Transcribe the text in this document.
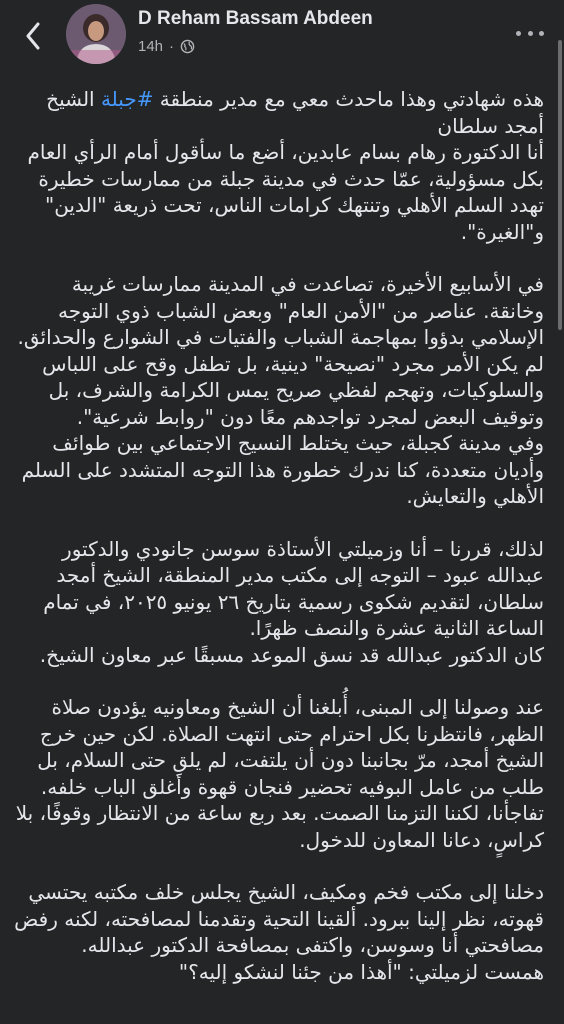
D Reham Bassam Abdeen
14h ·

هذه شهادتي وهذا ماحدث معي مع مدير منطقة #جبلة الشيخ أمجد سلطان

أنا الدكتورة رهام بسام عابدين، أضع ما سأقول أمام الرأي العام بكل مسؤولية، عمّا حدث في مدينة جبلة من ممارسات خطيرة تهدد السلم الأهلي وتنتهك كرامات الناس، تحت ذريعة "الدين" و"الغيرة".

في الأسابيع الأخيرة، تصاعدت في المدينة ممارسات غريبة وخانقة. عناصر من "الأمن العام" وبعض الشباب ذوي التوجه الإسلامي بدؤوا بمهاجمة الشباب والفتيات في الشوارع والحدائق.

لم يكن الأمر مجرد "نصيحة" دينية، بل تطفل وقح على اللباس والسلوكيات، وتهجم لفظي صريح يمس الكرامة والشرف، بل وتوقيف البعض لمجرد تواجدهم معًا دون "روابط شرعية".

وفي مدينة كجبلة، حيث يختلط النسيج الاجتماعي بين طوائف وأديان متعددة، كنا ندرك خطورة هذا التوجه المتشدد على السلم الأهلي والتعايش.

لذلك، قررنا – أنا وزميلتي الأستاذة سوسن جانودي والدكتور عبدالله عبود – التوجه إلى مكتب مدير المنطقة، الشيخ أمجد سلطان، لتقديم شكوى رسمية بتاريخ ٢٦ يونيو ٢٠٢٥، في تمام الساعة الثانية عشرة والنصف ظهرًا.

كان الدكتور عبدالله قد نسق الموعد مسبقًا عبر معاون الشيخ.

عند وصولنا إلى المبنى، أُبلغنا أن الشيخ ومعاونيه يؤدون صلاة الظهر، فانتظرنا بكل احترام حتى انتهت الصلاة. لكن حين خرج الشيخ أمجد، مرّ بجانبنا دون أن يلتفت، لم يلقِ حتى السلام، بل طلب من عامل البوفيه تحضير فنجان قهوة وأغلق الباب خلفه.

تفاجأنا، لكننا التزمنا الصمت. بعد ربع ساعة من الانتظار وقوفًا، بلا كراسٍ، دعانا المعاون للدخول.

دخلنا إلى مكتب فخم ومكيف، الشيخ يجلس خلف مكتبه يحتسي قهوته، نظر إلينا ببرود. ألقينا التحية وتقدمنا لمصافحته، لكنه رفض مصافحتي أنا وسوسن، واكتفى بمصافحة الدكتور عبدالله.

همست لزميلتي: "أهذا من جئنا لنشكو إليه؟"
